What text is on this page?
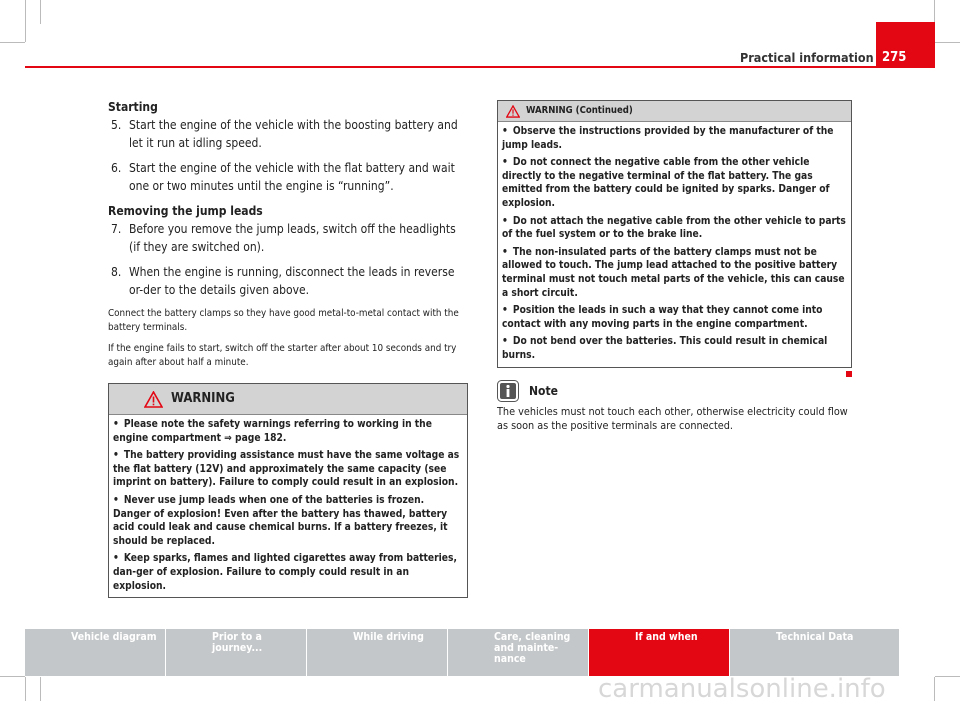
275
Practical information

Starting

5. Start the engine of the vehicle with the boosting battery and let it run at idling speed.
6. Start the engine of the vehicle with the flat battery and wait one or two minutes until the engine is “running”.

Removing the jump leads

7. Before you remove the jump leads, switch off the headlights (if they are switched on).
8. When the engine is running, disconnect the leads in reverse or-der to the details given above.

Connect the battery clamps so they have good metal-to-metal contact with the battery terminals.

If the engine fails to start, switch off the starter after about 10 seconds and try again after about half a minute.

WARNING

• Please note the safety warnings referring to working in the engine compartment ⇒ page 182.

• The battery providing assistance must have the same voltage as the flat battery (12V) and approximately the same capacity (see imprint on battery). Failure to comply could result in an explosion.

• Never use jump leads when one of the batteries is frozen. Danger of explosion! Even after the battery has thawed, battery acid could leak and cause chemical burns. If a battery freezes, it should be replaced.

• Keep sparks, flames and lighted cigarettes away from batteries, dan-ger of explosion. Failure to comply could result in an explosion.

WARNING (Continued)

• Observe the instructions provided by the manufacturer of the jump leads.

• Do not connect the negative cable from the other vehicle directly to the negative terminal of the flat battery. The gas emitted from the battery could be ignited by sparks. Danger of explosion.

• Do not attach the negative cable from the other vehicle to parts of the fuel system or to the brake line.

• The non-insulated parts of the battery clamps must not be allowed to touch. The jump lead attached to the positive battery terminal must not touch metal parts of the vehicle, this can cause a short circuit.

• Position the leads in such a way that they cannot come into contact with any moving parts in the engine compartment.

• Do not bend over the batteries. This could result in chemical burns.

Note
The vehicles must not touch each other, otherwise electricity could flow as soon as the positive terminals are connected.
Vehicle diagram	Prior to a journey...
While driving	Care, cleaning and mainte-nance
If and when	Technical Data
carmanualsonline.info
